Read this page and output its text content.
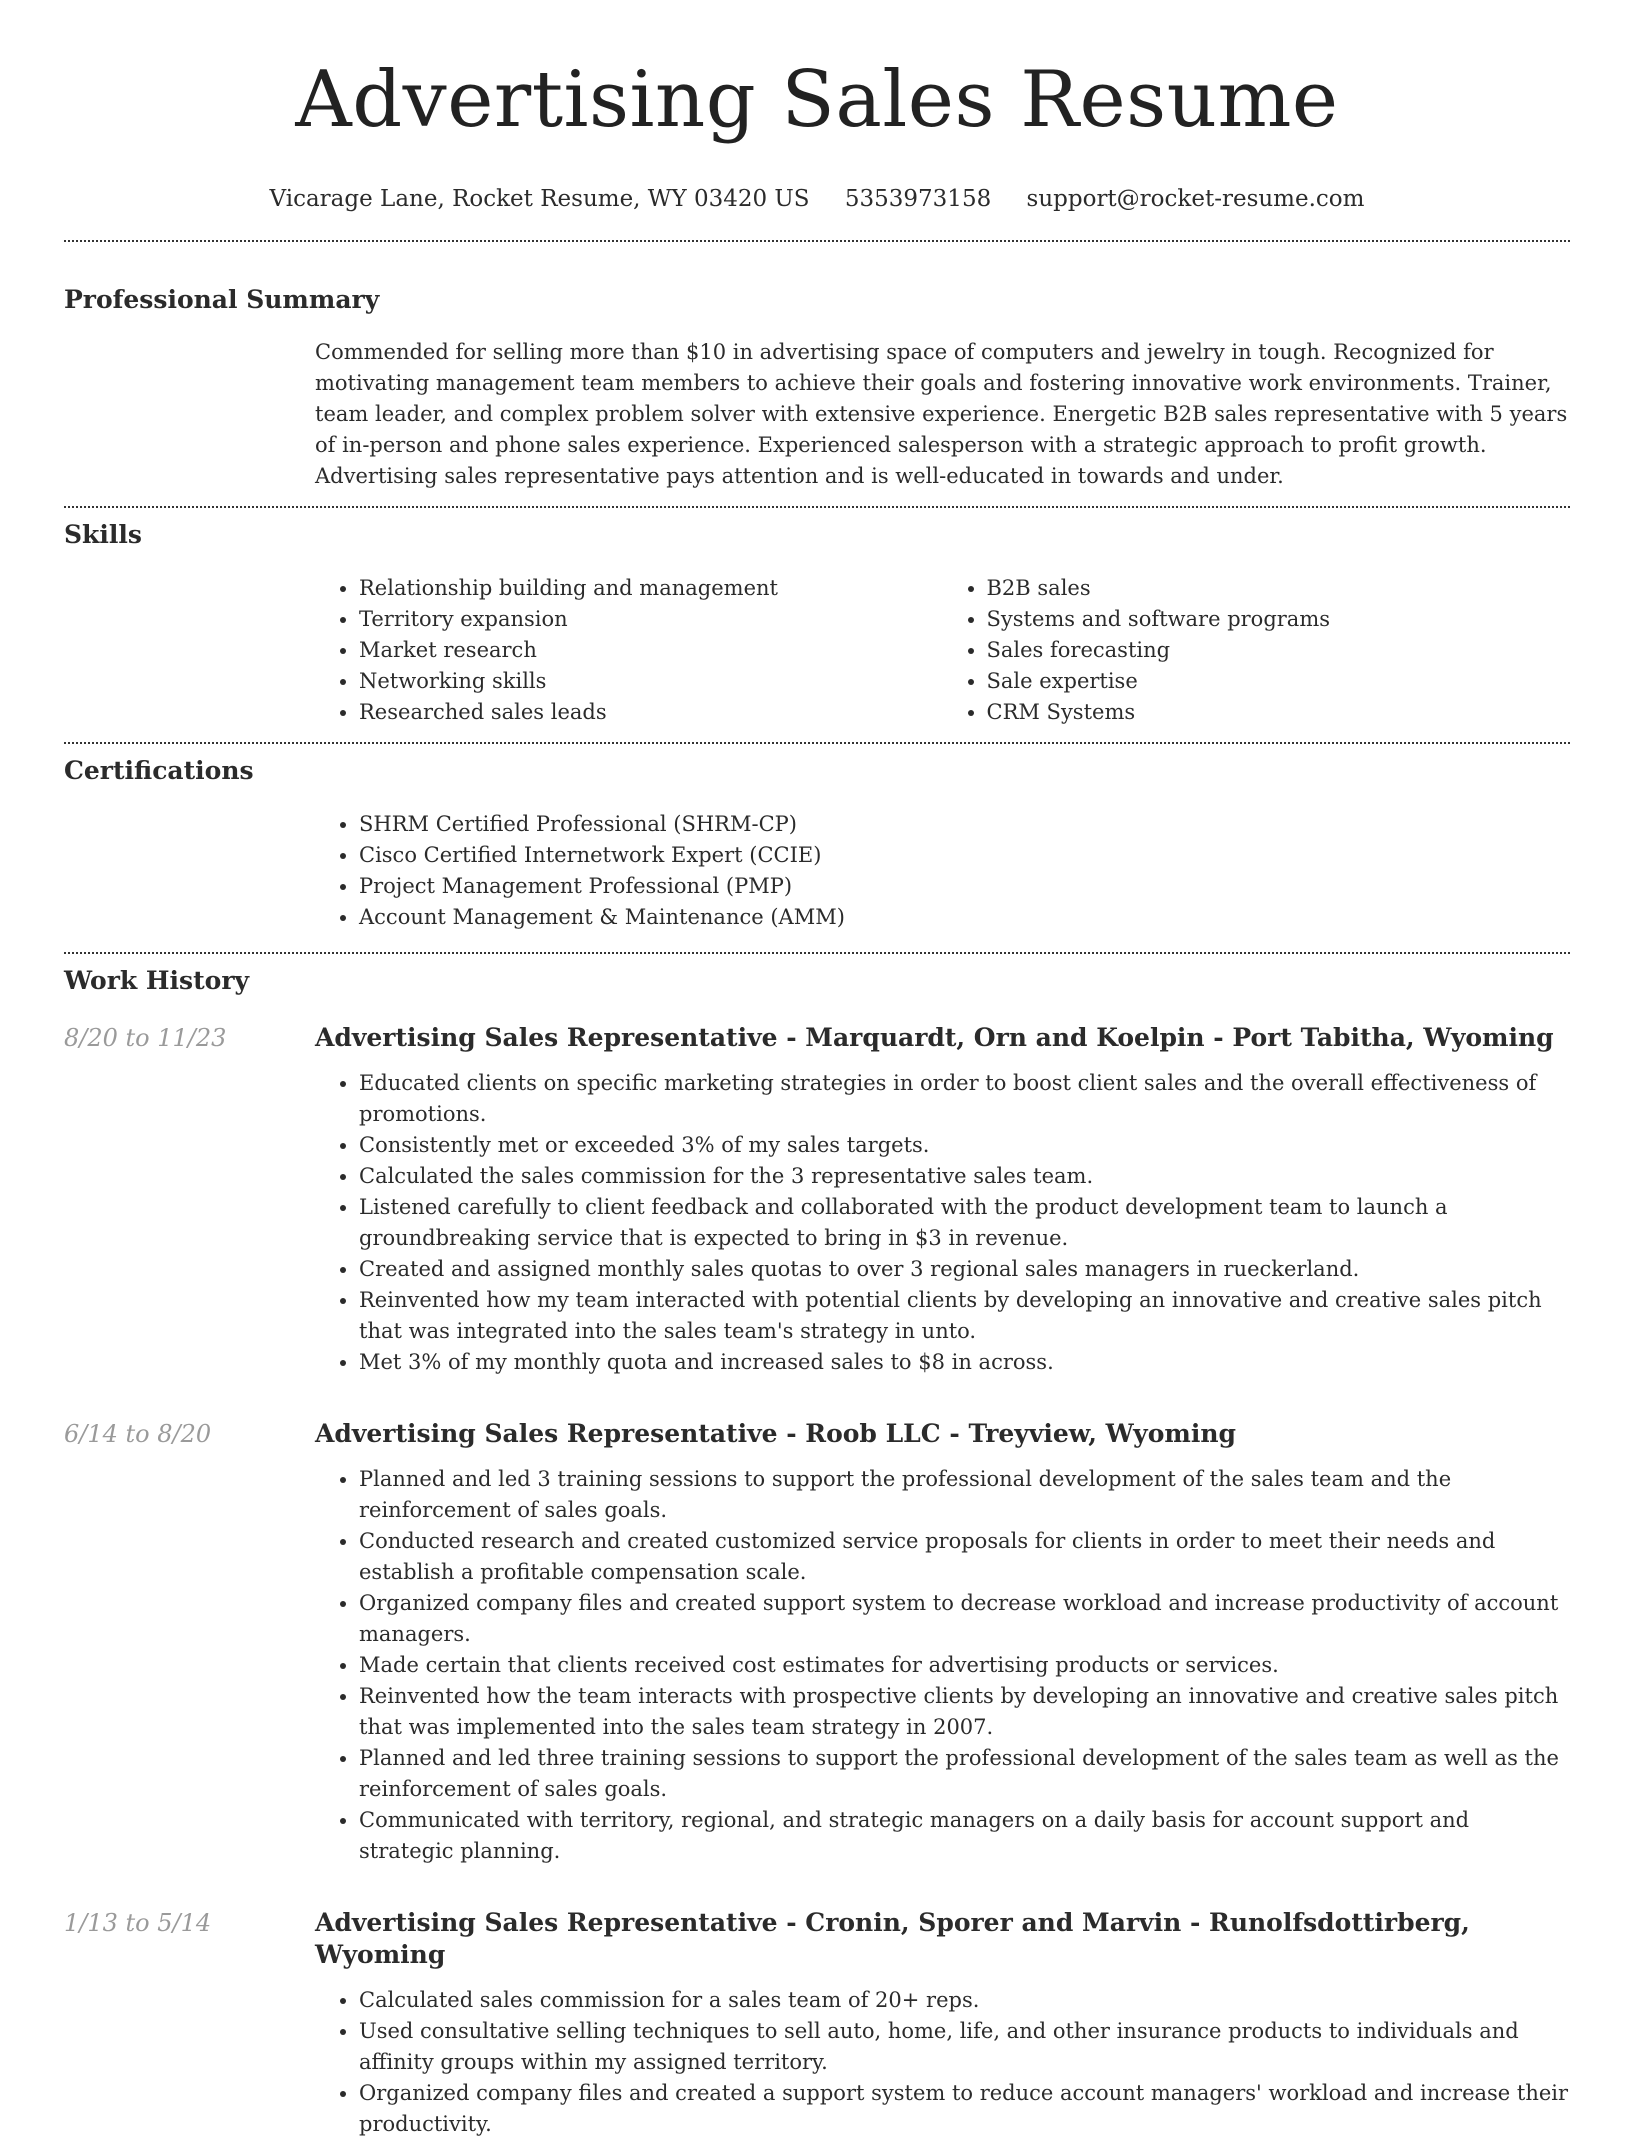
Advertising Sales Resume
Vicarage Lane, Rocket Resume, WY 03420 US 5353973158 support@rocket-resume.com
Professional Summary

Commended for selling more than $10 in advertising space of computers and jewelry in tough. Recognized for motivating management team members to achieve their goals and fostering innovative work environments. Trainer, team leader, and complex problem solver with extensive experience. Energetic B2B sales representative with 5 years of in-person and phone sales experience. Experienced salesperson with a strategic approach to profit growth. Advertising sales representative pays attention and is well-educated in towards and under.

Skills
• Relationship building and management
• Territory expansion
• Market research
• Networking skills
• Researched sales leads
• B2B sales
• Systems and software programs
• Sales forecasting
• Sale expertise
• CRM Systems
Certifications
• SHRM Certified Professional (SHRM-CP)
• Cisco Certified Internetwork Expert (CCIE)
• Project Management Professional (PMP)
• Account Management & Maintenance (AMM)
Work History
8/20 to 11/23	Advertising Sales Representative - Marquardt, Orn and Koelpin - Port Tabitha, Wyoming
• Educated clients on specific marketing strategies in order to boost client sales and the overall effectiveness of promotions.
• Consistently met or exceeded 3% of my sales targets.
• Calculated the sales commission for the 3 representative sales team.
• Listened carefully to client feedback and collaborated with the product development team to launch a groundbreaking service that is expected to bring in $3 in revenue.
• Created and assigned monthly sales quotas to over 3 regional sales managers in rueckerland.
• Reinvented how my team interacted with potential clients by developing an innovative and creative sales pitch that was integrated into the sales team's strategy in unto.
• Met 3% of my monthly quota and increased sales to $8 in across.
6/14 to 8/20	Advertising Sales Representative - Roob LLC - Treyview, Wyoming
• Planned and led 3 training sessions to support the professional development of the sales team and the reinforcement of sales goals.
• Conducted research and created customized service proposals for clients in order to meet their needs and establish a profitable compensation scale.
• Organized company files and created support system to decrease workload and increase productivity of account managers.
• Made certain that clients received cost estimates for advertising products or services.
• Reinvented how the team interacts with prospective clients by developing an innovative and creative sales pitch that was implemented into the sales team strategy in 2007.
• Planned and led three training sessions to support the professional development of the sales team as well as the reinforcement of sales goals.
• Communicated with territory, regional, and strategic managers on a daily basis for account support and strategic planning.
1/13 to 5/14	Advertising Sales Representative - Cronin, Sporer and Marvin - Runolfsdottirberg, Wyoming
• Calculated sales commission for a sales team of 20+ reps.
• Used consultative selling techniques to sell auto, home, life, and other insurance products to individuals and affinity groups within my assigned territory.
• Organized company files and created a support system to reduce account managers' workload and increase their productivity.
